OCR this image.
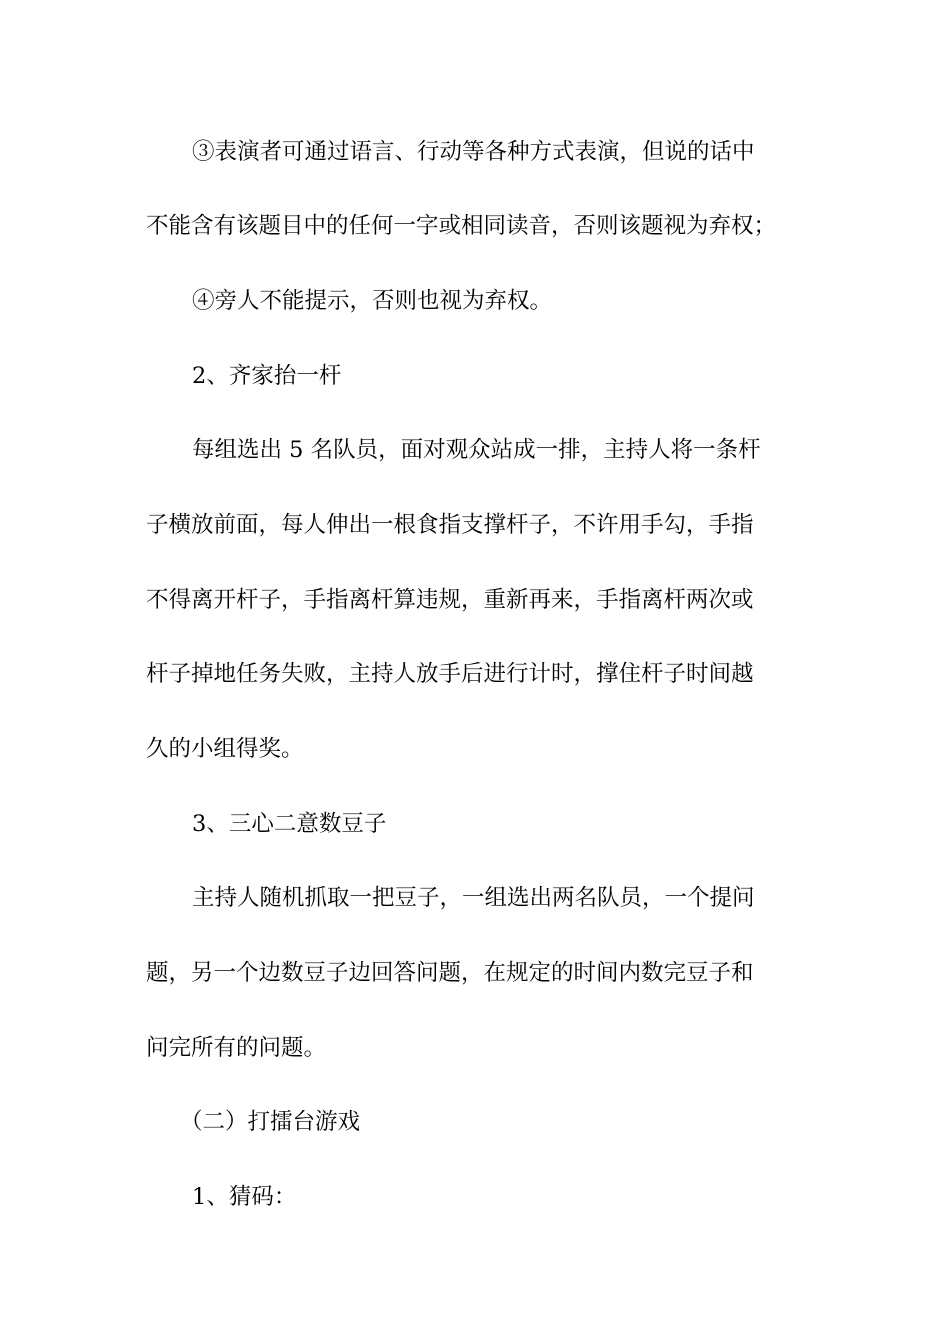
③表演者可通过语言、行动等各种方式表演，但说的话中
不能含有该题目中的任何一字或相同读音，否则该题视为弃权；
④旁人不能提示，否则也视为弃权。
2、齐家抬一杆
每组选出 5 名队员，面对观众站成一排，主持人将一条杆
子横放前面，每人伸出一根食指支撑杆子，不许用手勾，手指
不得离开杆子，手指离杆算违规，重新再来，手指离杆两次或
杆子掉地任务失败，主持人放手后进行计时，撑住杆子时间越
久的小组得奖。
3、三心二意数豆子
主持人随机抓取一把豆子，一组选出两名队员，一个提问
题，另一个边数豆子边回答问题，在规定的时间内数完豆子和
问完所有的问题。
（二）打擂台游戏
1、猜码：
